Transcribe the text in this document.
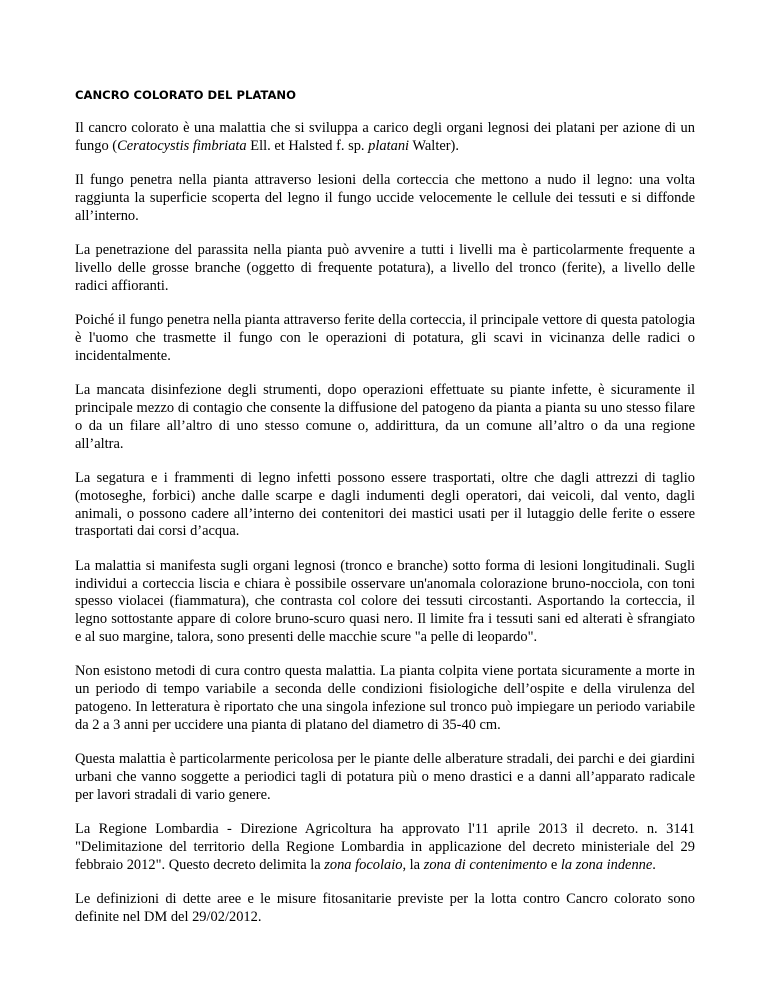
CANCRO COLORATO DEL PLATANO

Il cancro colorato è una malattia che si sviluppa a carico degli organi legnosi dei platani per azione di un fungo (Ceratocystis fimbriata Ell. et Halsted f. sp. platani Walter).

Il fungo penetra nella pianta attraverso lesioni della corteccia che mettono a nudo il legno: una volta raggiunta la superficie scoperta del legno il fungo uccide velocemente le cellule dei tessuti e si diffonde all’interno.

La penetrazione del parassita nella pianta può avvenire a tutti i livelli ma è particolarmente frequente a livello delle grosse branche (oggetto di frequente potatura), a livello del tronco (ferite), a livello delle radici affioranti.

Poiché il fungo penetra nella pianta attraverso ferite della corteccia, il principale vettore di questa patologia è l'uomo che trasmette il fungo con le operazioni di potatura, gli scavi in vicinanza delle radici o incidentalmente.

La mancata disinfezione degli strumenti, dopo operazioni effettuate su piante infette, è sicuramente il principale mezzo di contagio che consente la diffusione del patogeno da pianta a pianta su uno stesso filare o da un filare all’altro di uno stesso comune o, addirittura, da un comune all’altro o da una regione all’altra.

La segatura e i frammenti di legno infetti possono essere trasportati, oltre che dagli attrezzi di taglio (motoseghe, forbici) anche dalle scarpe e dagli indumenti degli operatori, dai veicoli, dal vento, dagli animali, o possono cadere all’interno dei contenitori dei mastici usati per il lutaggio delle ferite o essere trasportati dai corsi d’acqua.

La malattia si manifesta sugli organi legnosi (tronco e branche) sotto forma di lesioni longitudinali. Sugli individui a corteccia liscia e chiara è possibile osservare un'anomala colorazione bruno-nocciola, con toni spesso violacei (fiammatura), che contrasta col colore dei tessuti circostanti. Asportando la corteccia, il legno sottostante appare di colore bruno-scuro quasi nero. Il limite fra i tessuti sani ed alterati è sfrangiato e al suo margine, talora, sono presenti delle macchie scure "a pelle di leopardo".

Non esistono metodi di cura contro questa malattia. La pianta colpita viene portata sicuramente a morte in un periodo di tempo variabile a seconda delle condizioni fisiologiche dell’ospite e della virulenza del patogeno. In letteratura è riportato che una singola infezione sul tronco può impiegare un periodo variabile da 2 a 3 anni per uccidere una pianta di platano del diametro di 35-40 cm.

Questa malattia è particolarmente pericolosa per le piante delle alberature stradali, dei parchi e dei giardini urbani che vanno soggette a periodici tagli di potatura più o meno drastici e a danni all’apparato radicale per lavori stradali di vario genere.

La Regione Lombardia - Direzione Agricoltura ha approvato l'11 aprile 2013 il decreto. n. 3141 "Delimitazione del territorio della Regione Lombardia in applicazione del decreto ministeriale del 29 febbraio 2012". Questo decreto delimita la zona focolaio, la zona di contenimento e la zona indenne.

Le definizioni di dette aree e le misure fitosanitarie previste per la lotta contro Cancro colorato sono definite nel DM del 29/02/2012.
